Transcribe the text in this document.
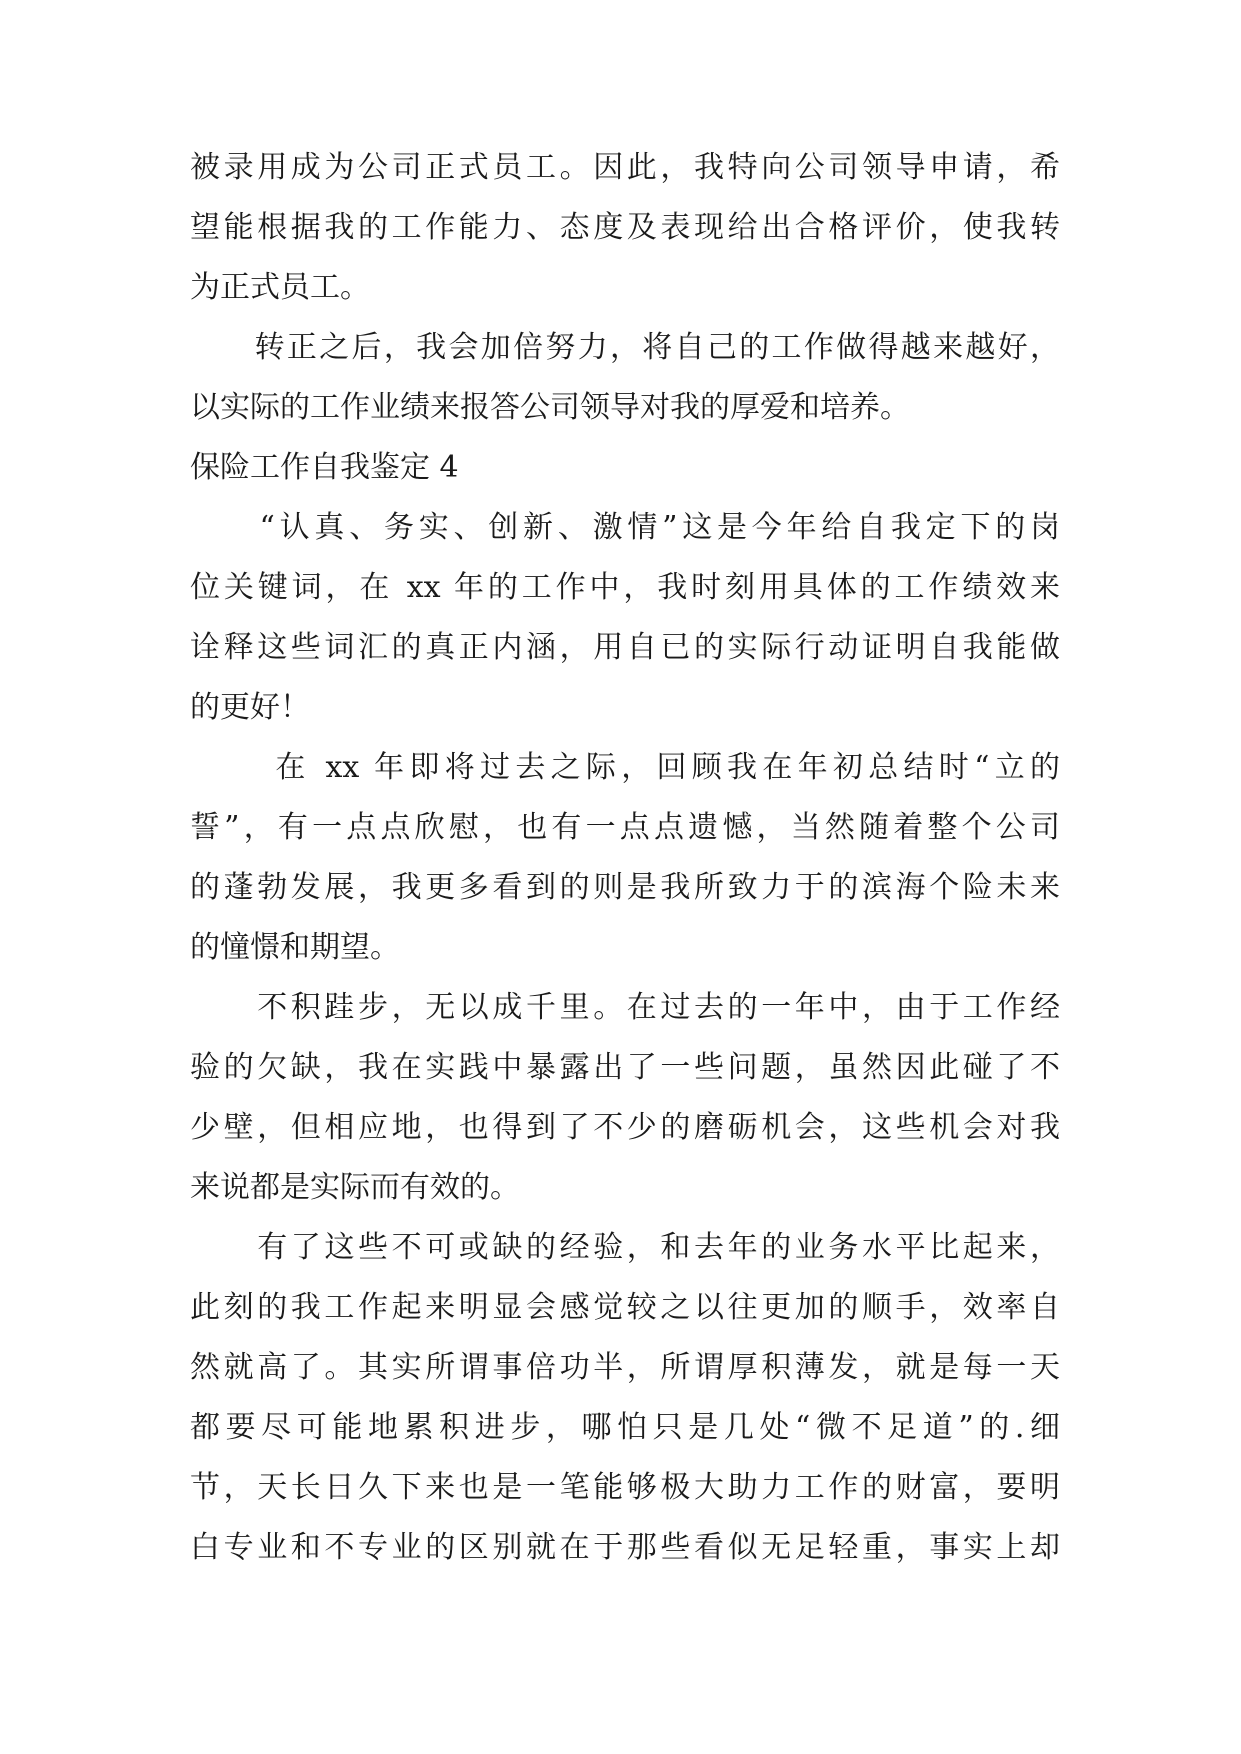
被录用成为公司正式员工。因此，我特向公司领导申请，希
望能根据我的工作能力、态度及表现给出合格评价，使我转
为正式员工。
　　转正之后，我会加倍努力，将自己的工作做得越来越好，
以实际的工作业绩来报答公司领导对我的厚爱和培养。
保险工作自我鉴定 4
　　“认真、务实、创新、激情”这是今年给自我定下的岗
位关键词，在 xx 年的工作中，我时刻用具体的工作绩效来
诠释这些词汇的真正内涵，用自已的实际行动证明自我能做
的更好！
　　 在 xx 年即将过去之际，回顾我在年初总结时“立的
誓”，有一点点欣慰，也有一点点遗憾，当然随着整个公司
的蓬勃发展，我更多看到的则是我所致力于的滨海个险未来
的憧憬和期望。
　　不积跬步，无以成千里。在过去的一年中，由于工作经
验的欠缺，我在实践中暴露出了一些问题，虽然因此碰了不
少壁，但相应地，也得到了不少的磨砺机会，这些机会对我
来说都是实际而有效的。
　　有了这些不可或缺的经验，和去年的业务水平比起来，
此刻的我工作起来明显会感觉较之以往更加的顺手，效率自
然就高了。其实所谓事倍功半，所谓厚积薄发，就是每一天
都要尽可能地累积进步，哪怕只是几处“微不足道”的.细
节，天长日久下来也是一笔能够极大助力工作的财富，要明
白专业和不专业的区别就在于那些看似无足轻重，事实上却
